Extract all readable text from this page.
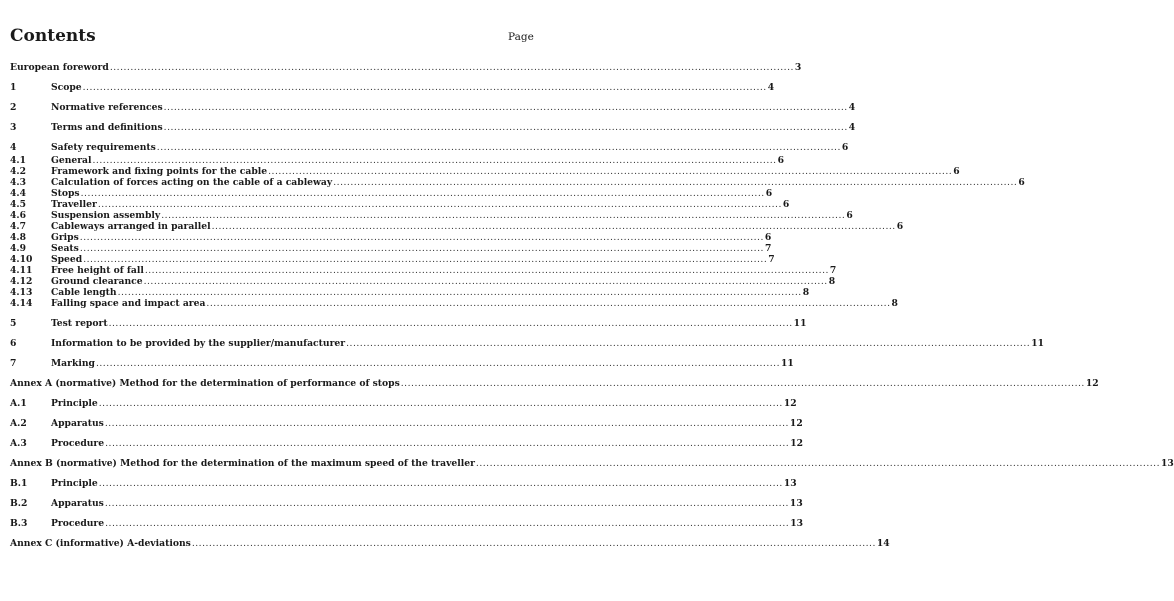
Contents	Page
European foreword ........................................................................................................................................................................................................ 3
1	Scope ........................................................................................................................................................................................................ 4
2	Normative references ........................................................................................................................................................................................................ 4
3	Terms and definitions ........................................................................................................................................................................................................ 4
4	Safety requirements ........................................................................................................................................................................................................ 6
4.1	General ........................................................................................................................................................................................................ 6
4.2	Framework and fixing points for the cable ........................................................................................................................................................................................................ 6
4.3	Calculation of forces acting on the cable of a cableway ........................................................................................................................................................................................................ 6
4.4	Stops ........................................................................................................................................................................................................ 6
4.5	Traveller ........................................................................................................................................................................................................ 6
4.6	Suspension assembly ........................................................................................................................................................................................................ 6
4.7	Cableways arranged in parallel ........................................................................................................................................................................................................ 6
4.8	Grips ........................................................................................................................................................................................................ 6
4.9	Seats ........................................................................................................................................................................................................ 7
4.10	Speed ........................................................................................................................................................................................................ 7
4.11	Free height of fall ........................................................................................................................................................................................................ 7
4.12	Ground clearance ........................................................................................................................................................................................................ 8
4.13	Cable length ........................................................................................................................................................................................................ 8
4.14	Falling space and impact area ........................................................................................................................................................................................................ 8
5	Test report ........................................................................................................................................................................................................ 11
6	Information to be provided by the supplier/manufacturer ........................................................................................................................................................................................................ 11
7	Marking ........................................................................................................................................................................................................ 11
Annex A (normative) Method for the determination of performance of stops ........................................................................................................................................................................................................ 12
A.1	Principle ........................................................................................................................................................................................................ 12
A.2	Apparatus ........................................................................................................................................................................................................ 12
A.3	Procedure ........................................................................................................................................................................................................ 12
Annex B (normative) Method for the determination of the maximum speed of the traveller ........................................................................................................................................................................................................ 13
B.1	Principle ........................................................................................................................................................................................................ 13
B.2	Apparatus ........................................................................................................................................................................................................ 13
B.3	Procedure ........................................................................................................................................................................................................ 13
Annex C (informative) A-deviations ........................................................................................................................................................................................................ 14
